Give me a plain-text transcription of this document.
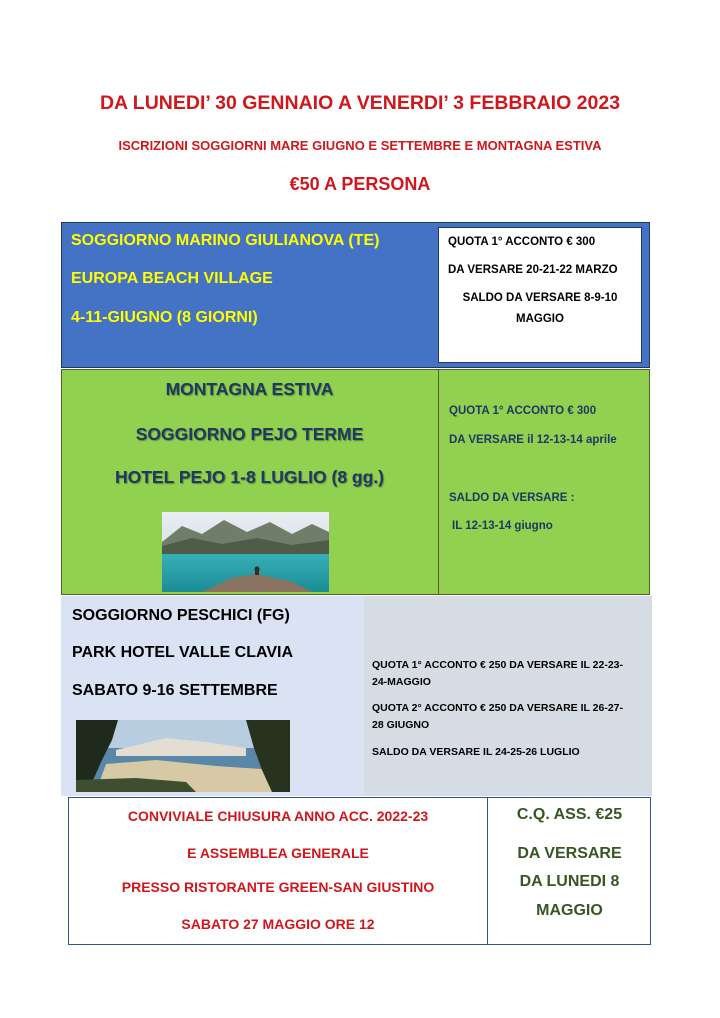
DA LUNEDI’ 30 GENNAIO A VENERDI’ 3 FEBBRAIO 2023
ISCRIZIONI SOGGIORNI MARE GIUGNO E SETTEMBRE E MONTAGNA ESTIVA
€50 A PERSONA
SOGGIORNO MARINO GIULIANOVA (TE)
EUROPA BEACH VILLAGE
4-11-GIUGNO (8 GIORNI)
QUOTA 1° ACCONTO € 300
DA VERSARE 20-21-22 MARZO
SALDO DA VERSARE 8-9-10
MAGGIO
MONTAGNA ESTIVA
SOGGIORNO PEJO TERME
HOTEL PEJO 1-8 LUGLIO (8 gg.)
QUOTA 1° ACCONTO € 300
DA VERSARE il 12-13-14 aprile
SALDO DA VERSARE :
IL 12-13-14 giugno
SOGGIORNO PESCHICI (FG)
PARK HOTEL VALLE CLAVIA
SABATO 9-16 SETTEMBRE
QUOTA 1° ACCONTO € 250 DA VERSARE IL 22-23-
24-MAGGIO
QUOTA 2° ACCONTO € 250 DA VERSARE IL 26-27-
28 GIUGNO
SALDO DA VERSARE IL 24-25-26 LUGLIO
CONVIVIALE CHIUSURA ANNO ACC. 2022-23
E ASSEMBLEA GENERALE
PRESSO RISTORANTE GREEN-SAN GIUSTINO
SABATO 27 MAGGIO ORE 12
C.Q. ASS. €25
DA VERSARE
DA LUNEDI 8
MAGGIO
